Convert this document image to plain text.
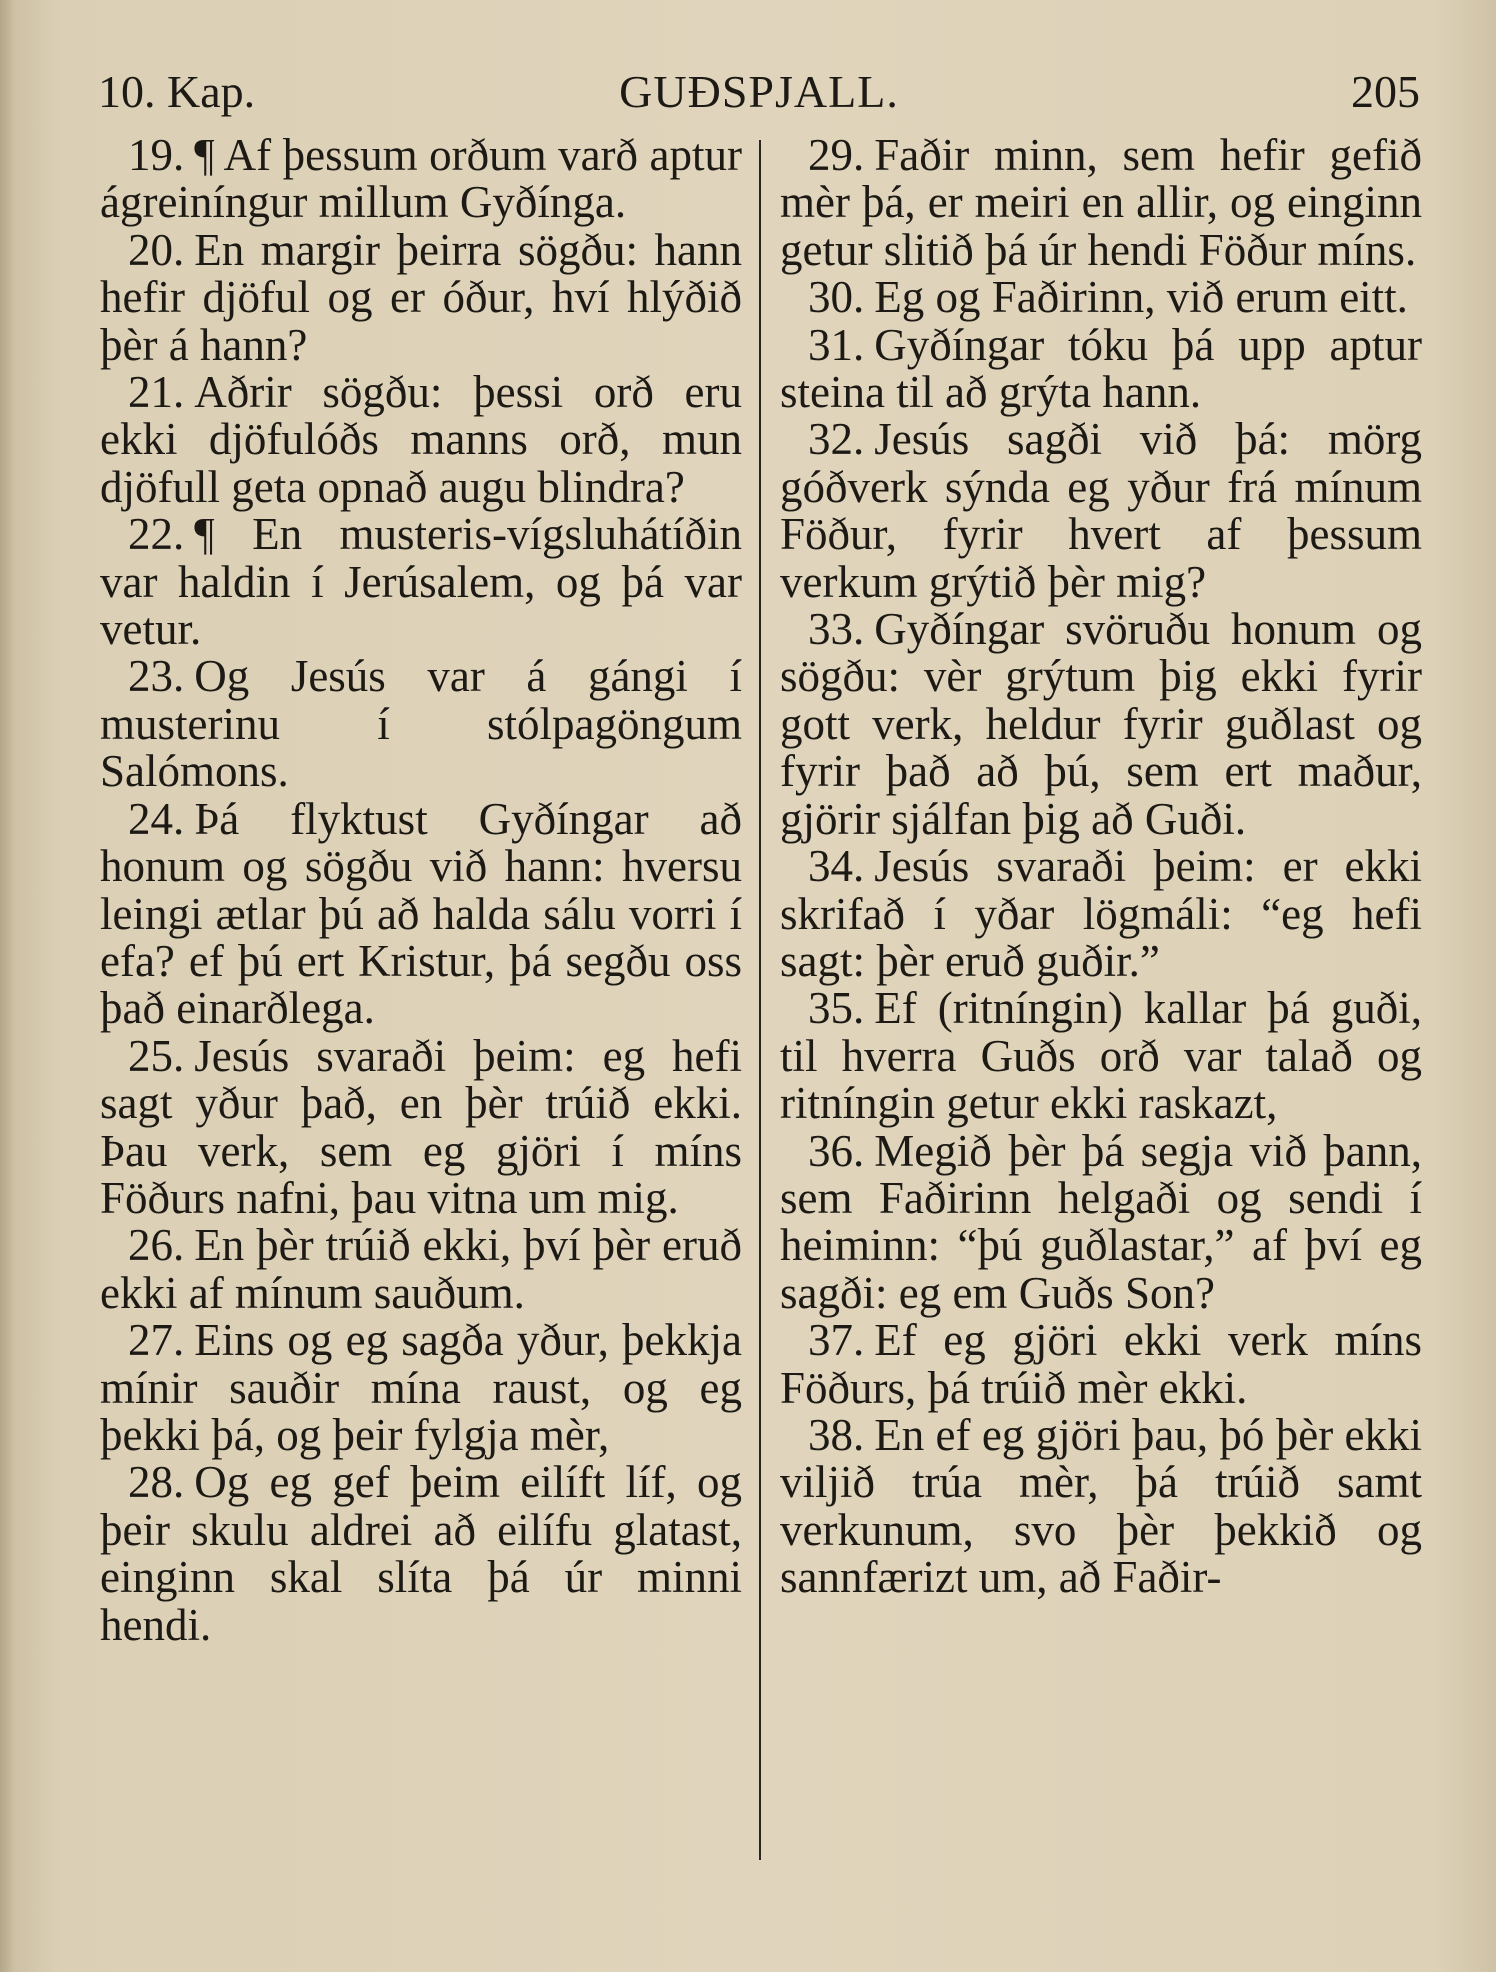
10. Kap.	GUÐSPJALL.	205

19. ¶ Af þessum orðum varð aptur ágreiníngur millum Gyðínga.

20. En margir þeirra sögðu: hann hefir djöful og er óður, hví hlýðið þèr á hann?

21. Aðrir sögðu: þessi orð eru ekki djöfulóðs manns orð, mun djöfull geta opnað augu blindra?

22. ¶ En musteris-vígsluhátíðin var haldin í Jerúsalem, og þá var vetur.

23. Og Jesús var á gángi í musterinu í stólpagöngum Salómons.

24. Þá flyktust Gyðíngar að honum og sögðu við hann: hversu leingi ætlar þú að halda sálu vorri í efa? ef þú ert Kristur, þá segðu oss það einarðlega.

25. Jesús svaraði þeim: eg hefi sagt yður það, en þèr trúið ekki. Þau verk, sem eg gjöri í míns Föðurs nafni, þau vitna um mig.

26. En þèr trúið ekki, því þèr eruð ekki af mínum sauðum.

27. Eins og eg sagða yður, þekkja mínir sauðir mína raust, og eg þekki þá, og þeir fylgja mèr,

28. Og eg gef þeim eilíft líf, og þeir skulu aldrei að eilífu glatast, einginn skal slíta þá úr minni hendi.

29. Faðir minn, sem hefir gefið mèr þá, er meiri en allir, og einginn getur slitið þá úr hendi Föður míns.

30. Eg og Faðirinn, við erum eitt.

31. Gyðíngar tóku þá upp aptur steina til að grýta hann.

32. Jesús sagði við þá: mörg góðverk sýnda eg yður frá mínum Föður, fyrir hvert af þessum verkum grýtið þèr mig?

33. Gyðíngar svöruðu honum og sögðu: vèr grýtum þig ekki fyrir gott verk, heldur fyrir guðlast og fyrir það að þú, sem ert maður, gjörir sjálfan þig að Guði.

34. Jesús svaraði þeim: er ekki skrifað í yðar lögmáli: “eg hefi sagt: þèr eruð guðir.”

35. Ef (ritníngin) kallar þá guði, til hverra Guðs orð var talað og ritníngin getur ekki raskazt,

36. Megið þèr þá segja við þann, sem Faðirinn helgaði og sendi í heiminn: “þú guðlastar,” af því eg sagði: eg em Guðs Son?

37. Ef eg gjöri ekki verk míns Föðurs, þá trúið mèr ekki.

38. En ef eg gjöri þau, þó þèr ekki viljið trúa mèr, þá trúið samt verkunum, svo þèr þekkið og sannfærizt um, að Faðir-
